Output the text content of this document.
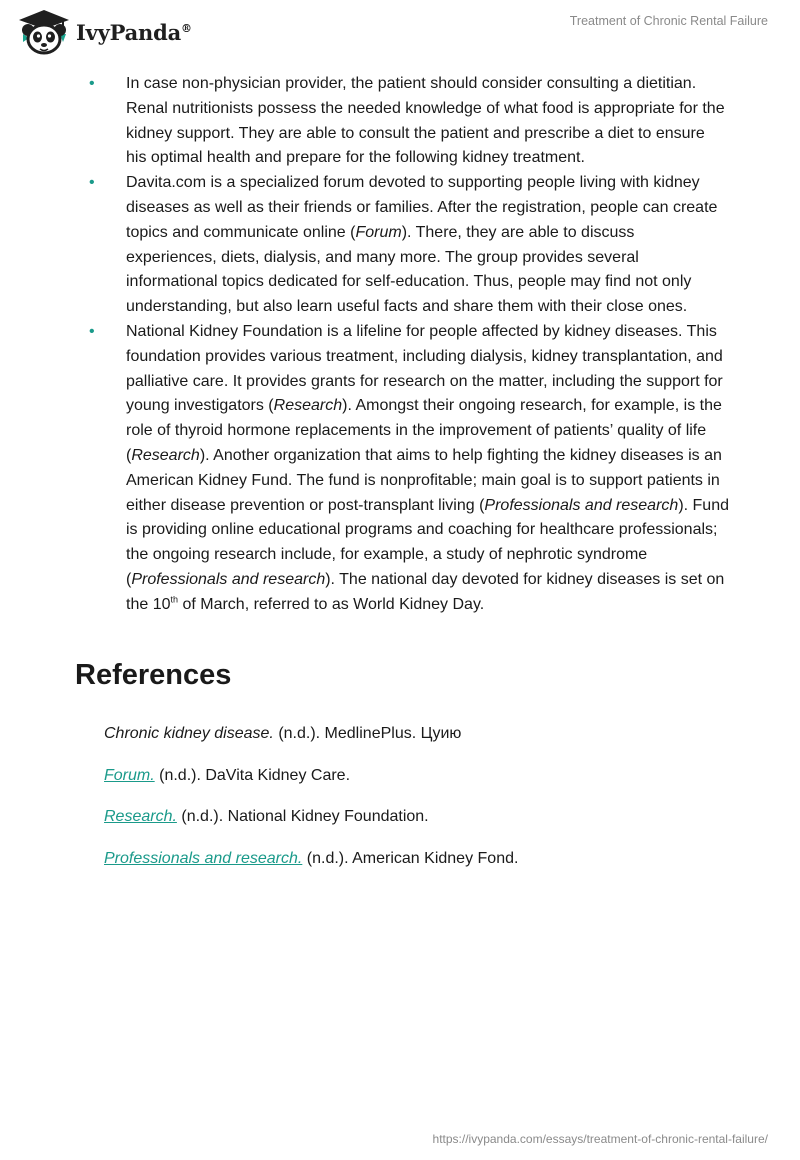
IvyPanda®	Treatment of Chronic Rental Failure
• In case non-physician provider, the patient should consider consulting a dietitian. Renal nutritionists possess the needed knowledge of what food is appropriate for the kidney support. They are able to consult the patient and prescribe a diet to ensure his optimal health and prepare for the following kidney treatment.

• Davita.com is a specialized forum devoted to supporting people living with kidney diseases as well as their friends or families. After the registration, people can create topics and communicate online (Forum). There, they are able to discuss experiences, diets, dialysis, and many more. The group provides several informational topics dedicated for self-education. Thus, people may find not only understanding, but also learn useful facts and share them with their close ones.

• National Kidney Foundation is a lifeline for people affected by kidney diseases. This foundation provides various treatment, including dialysis, kidney transplantation, and palliative care. It provides grants for research on the matter, including the support for young investigators (Research). Amongst their ongoing research, for example, is the role of thyroid hormone replacements in the improvement of patients’ quality of life (Research). Another organization that aims to help fighting the kidney diseases is an American Kidney Fund. The fund is nonprofitable; main goal is to support patients in either disease prevention or post-transplant living (Professionals and research). Fund is providing online educational programs and coaching for healthcare professionals; the ongoing research include, for example, a study of nephrotic syndrome (Professionals and research). The national day devoted for kidney diseases is set on the 10th of March, referred to as World Kidney Day.

References

Chronic kidney disease. (n.d.). MedlinePlus. Цуию

Forum. (n.d.). DaVita Kidney Care.

Research. (n.d.). National Kidney Foundation.

Professionals and research. (n.d.). American Kidney Fond.

https://ivypanda.com/essays/treatment-of-chronic-rental-failure/
